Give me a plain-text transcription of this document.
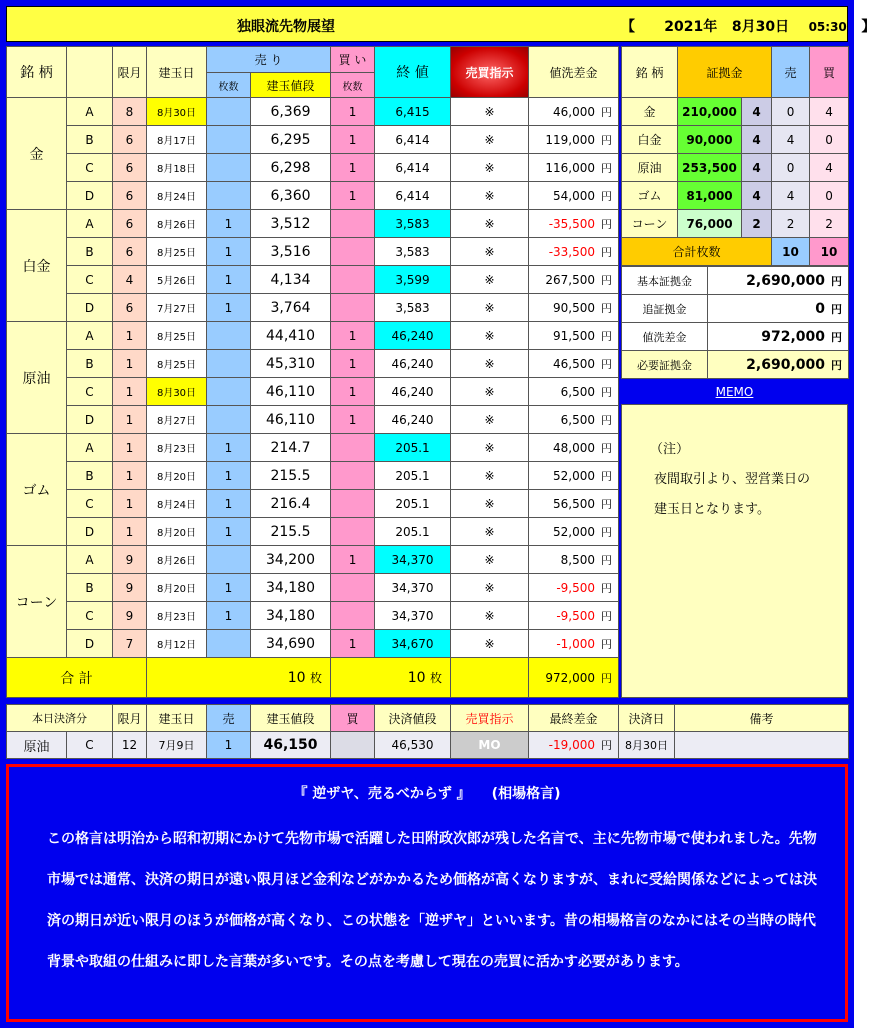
独眼流先物展望	【 2021年 8月30日 05:30 】
銘 柄		限月	建玉日	売 り		買 い	終 値	売買指示	値洗差金
				枚数	建玉値段	枚数			
金	A	8	8月30日		6,369	1	6,415	※	46,000 円
	B	6	8月17日		6,295	1	6,414	※	119,000 円
	C	6	8月18日		6,298	1	6,414	※	116,000 円
	D	6	8月24日		6,360	1	6,414	※	54,000 円
白金	A	6	8月26日	1	3,512		3,583	※	-35,500 円
	B	6	8月25日	1	3,516		3,583	※	-33,500 円
	C	4	5月26日	1	4,134		3,599	※	267,500 円
	D	6	7月27日	1	3,764		3,583	※	90,500 円
原油	A	1	8月25日		44,410	1	46,240	※	91,500 円
	B	1	8月25日		45,310	1	46,240	※	46,500 円
	C	1	8月30日		46,110	1	46,240	※	6,500 円
	D	1	8月27日		46,110	1	46,240	※	6,500 円
ゴム	A	1	8月23日	1	214.7		205.1	※	48,000 円
	B	1	8月20日	1	215.5		205.1	※	52,000 円
	C	1	8月24日	1	216.4		205.1	※	56,500 円
	D	1	8月20日	1	215.5		205.1	※	52,000 円
コーン	A	9	8月26日		34,200	1	34,370	※	8,500 円
	B	9	8月20日	1	34,180		34,370	※	-9,500 円
	C	9	8月23日	1	34,180		34,370	※	-9,500 円
	D	7	8月12日		34,690	1	34,670	※	-1,000 円
合 計			10 枚			10 枚			972,000 円
銘 柄	証拠金		売	買
金	210,000	4	0	4
白金	90,000	4	4	0
原油	253,500	4	0	4
ゴム	81,000	4	4	0
コーン	76,000	2	2	2
合計枚数			10	10
基本証拠金	2,690,000 円
追証拠金	0 円
値洗差金	972,000 円
必要証拠金	2,690,000 円
MEMO
（注）
夜間取引より、翌営業日の
建玉日となります。
本日決済分		限月	建玉日	売	建玉値段	買	決済値段	売買指示	最終差金	決済日	備考
原油	C	12	7月9日	1	46,150		46,530	MO	-19,000 円	8月30日	
『 逆ザヤ、売るべからず 』　　(相場格言)
この格言は明治から昭和初期にかけて先物市場で活躍した田附政次郎が残した名言で、主に先物市場で使われました。先物市場では通常、決済の期日が遠い限月ほど金利などがかかるため価格が高くなりますが、まれに受給関係などによっては決済の期日が近い限月のほうが価格が高くなり、この状態を「逆ザヤ」といいます。昔の相場格言のなかにはその当時の時代背景や取組の仕組みに即した言葉が多いです。その点を考慮して現在の売買に活かす必要があります。
